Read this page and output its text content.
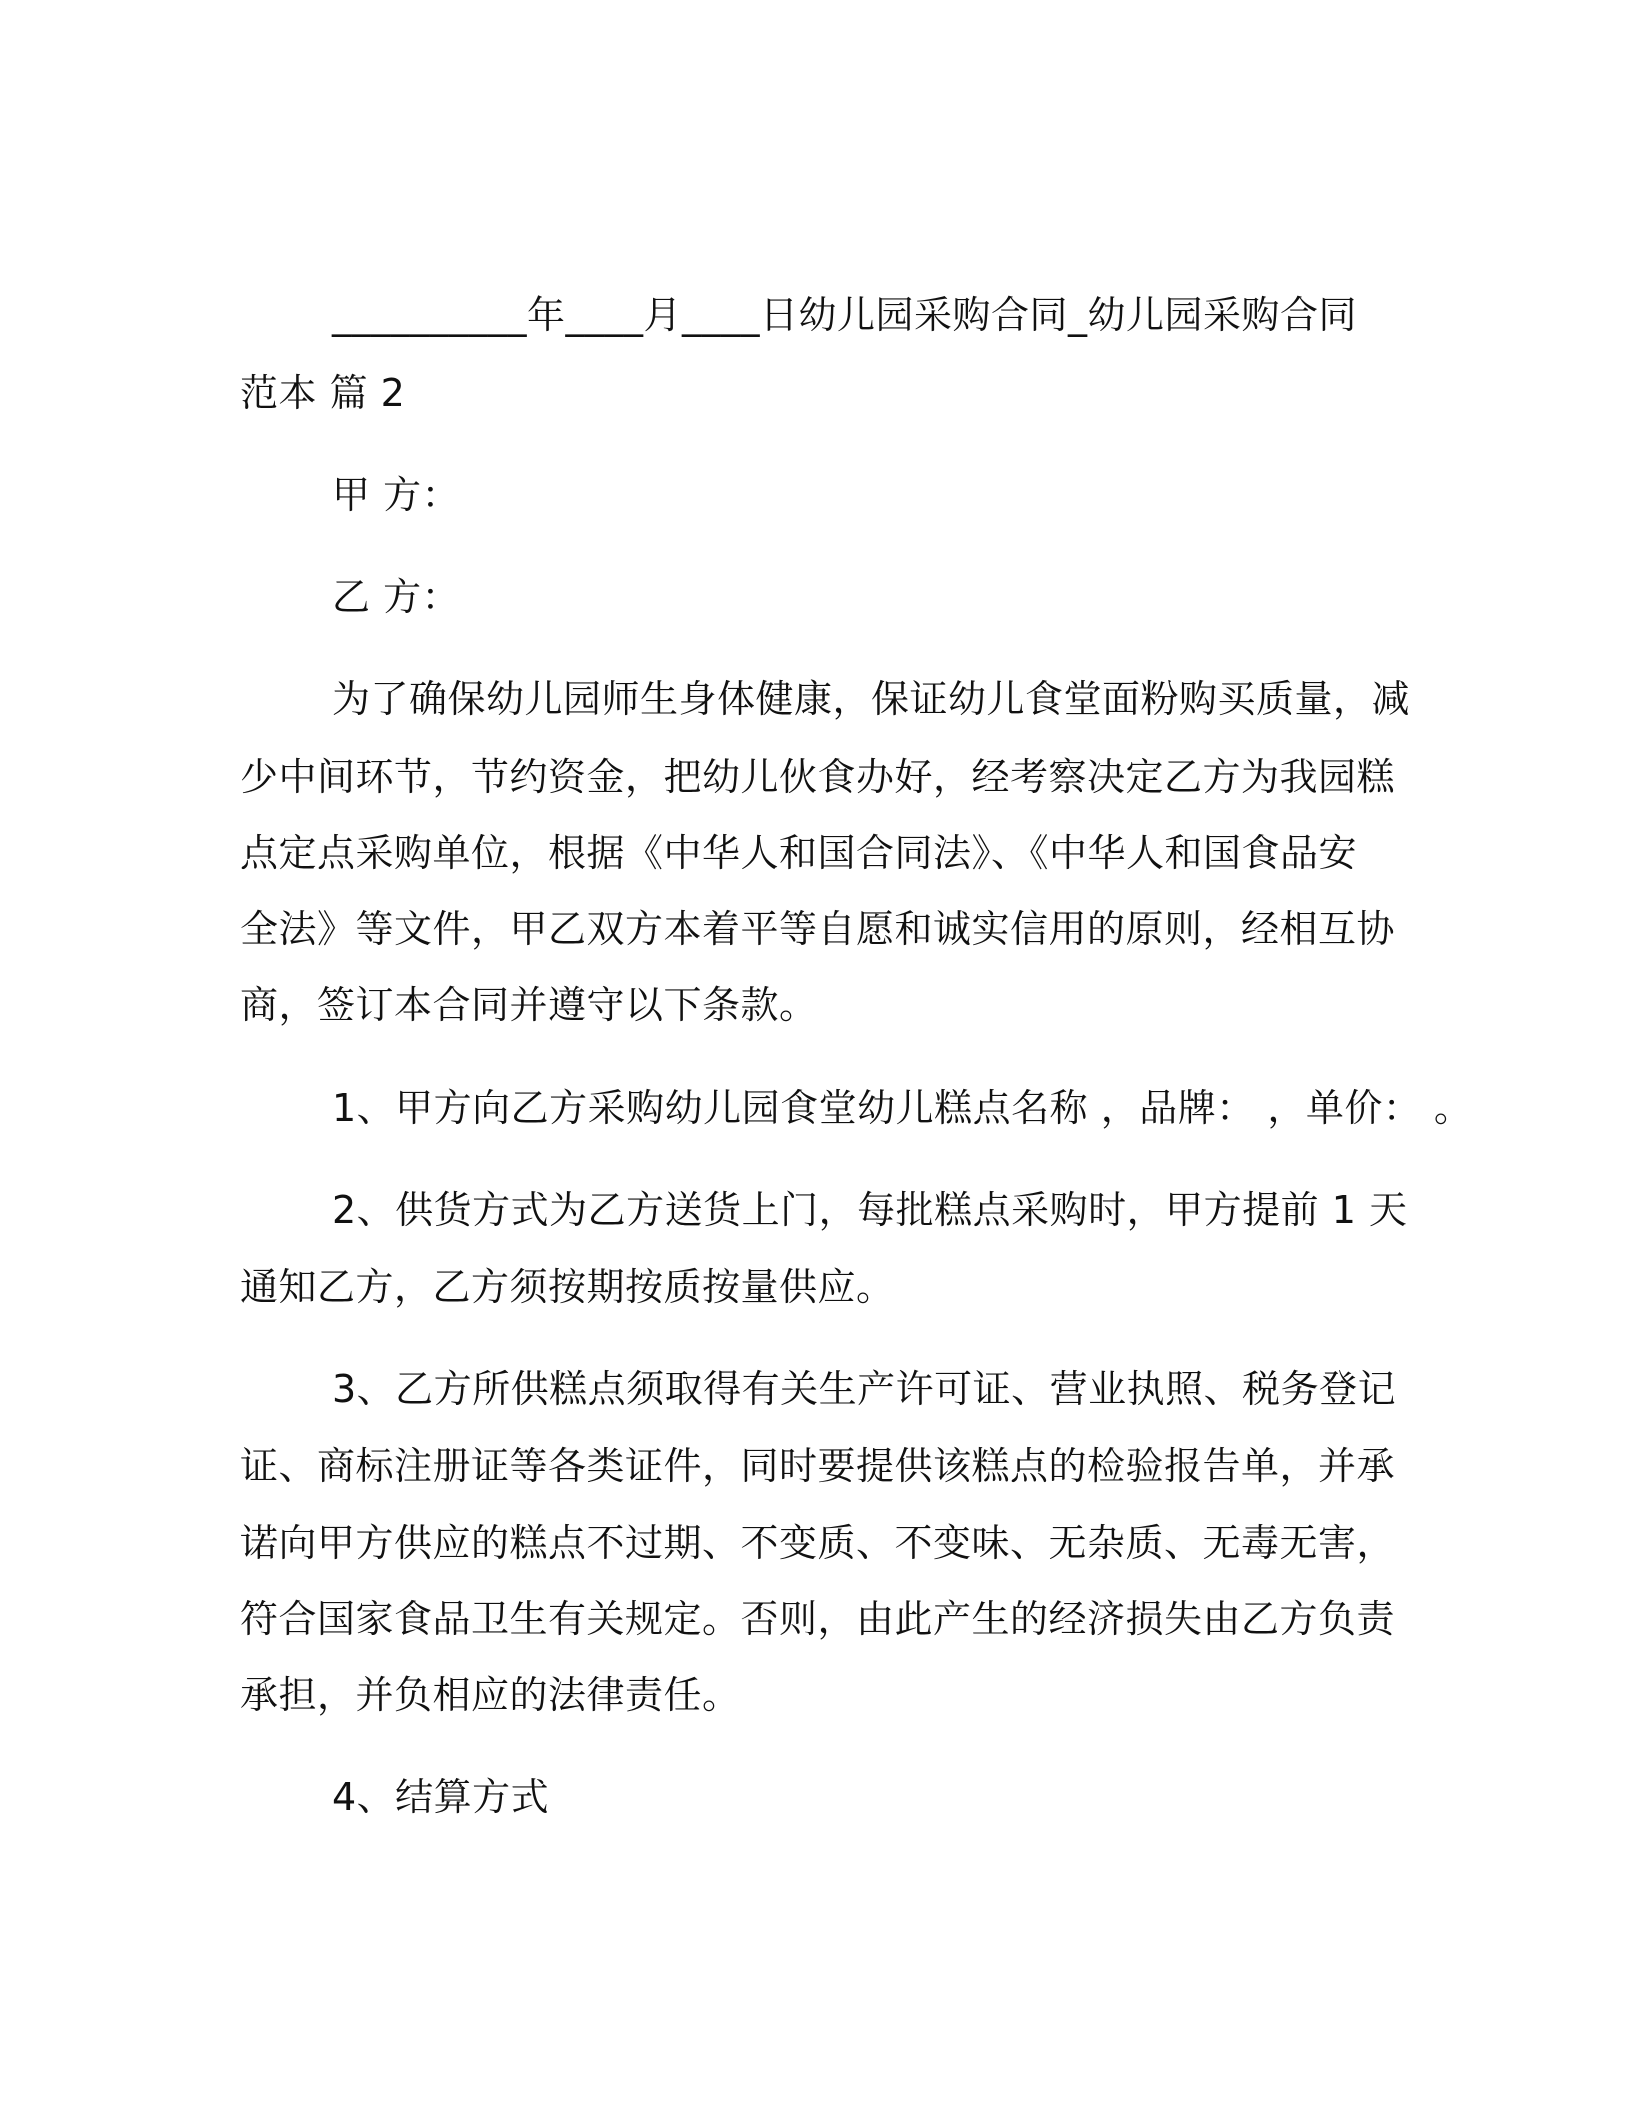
__________年____月____日幼儿园采购合同_幼儿园采购合同
范本 篇 2
甲 方：
乙 方：
为了确保幼儿园师生身体健康，保证幼儿食堂面粉购买质量，减
少中间环节，节约资金，把幼儿伙食办好，经考察决定乙方为我园糕
点定点采购单位，根据《中华人和国合同法》、《中华人和国食品安
全法》等文件，甲乙双方本着平等自愿和诚实信用的原则，经相互协
商，签订本合同并遵守以下条款。
1、甲方向乙方采购幼儿园食堂幼儿糕点名称 ，品牌： ，单价： 。
2、供货方式为乙方送货上门，每批糕点采购时，甲方提前 1 天
通知乙方，乙方须按期按质按量供应。
3、乙方所供糕点须取得有关生产许可证、营业执照、税务登记
证、商标注册证等各类证件，同时要提供该糕点的检验报告单，并承
诺向甲方供应的糕点不过期、不变质、不变味、无杂质、无毒无害，
符合国家食品卫生有关规定。否则，由此产生的经济损失由乙方负责
承担，并负相应的法律责任。
4、结算方式
